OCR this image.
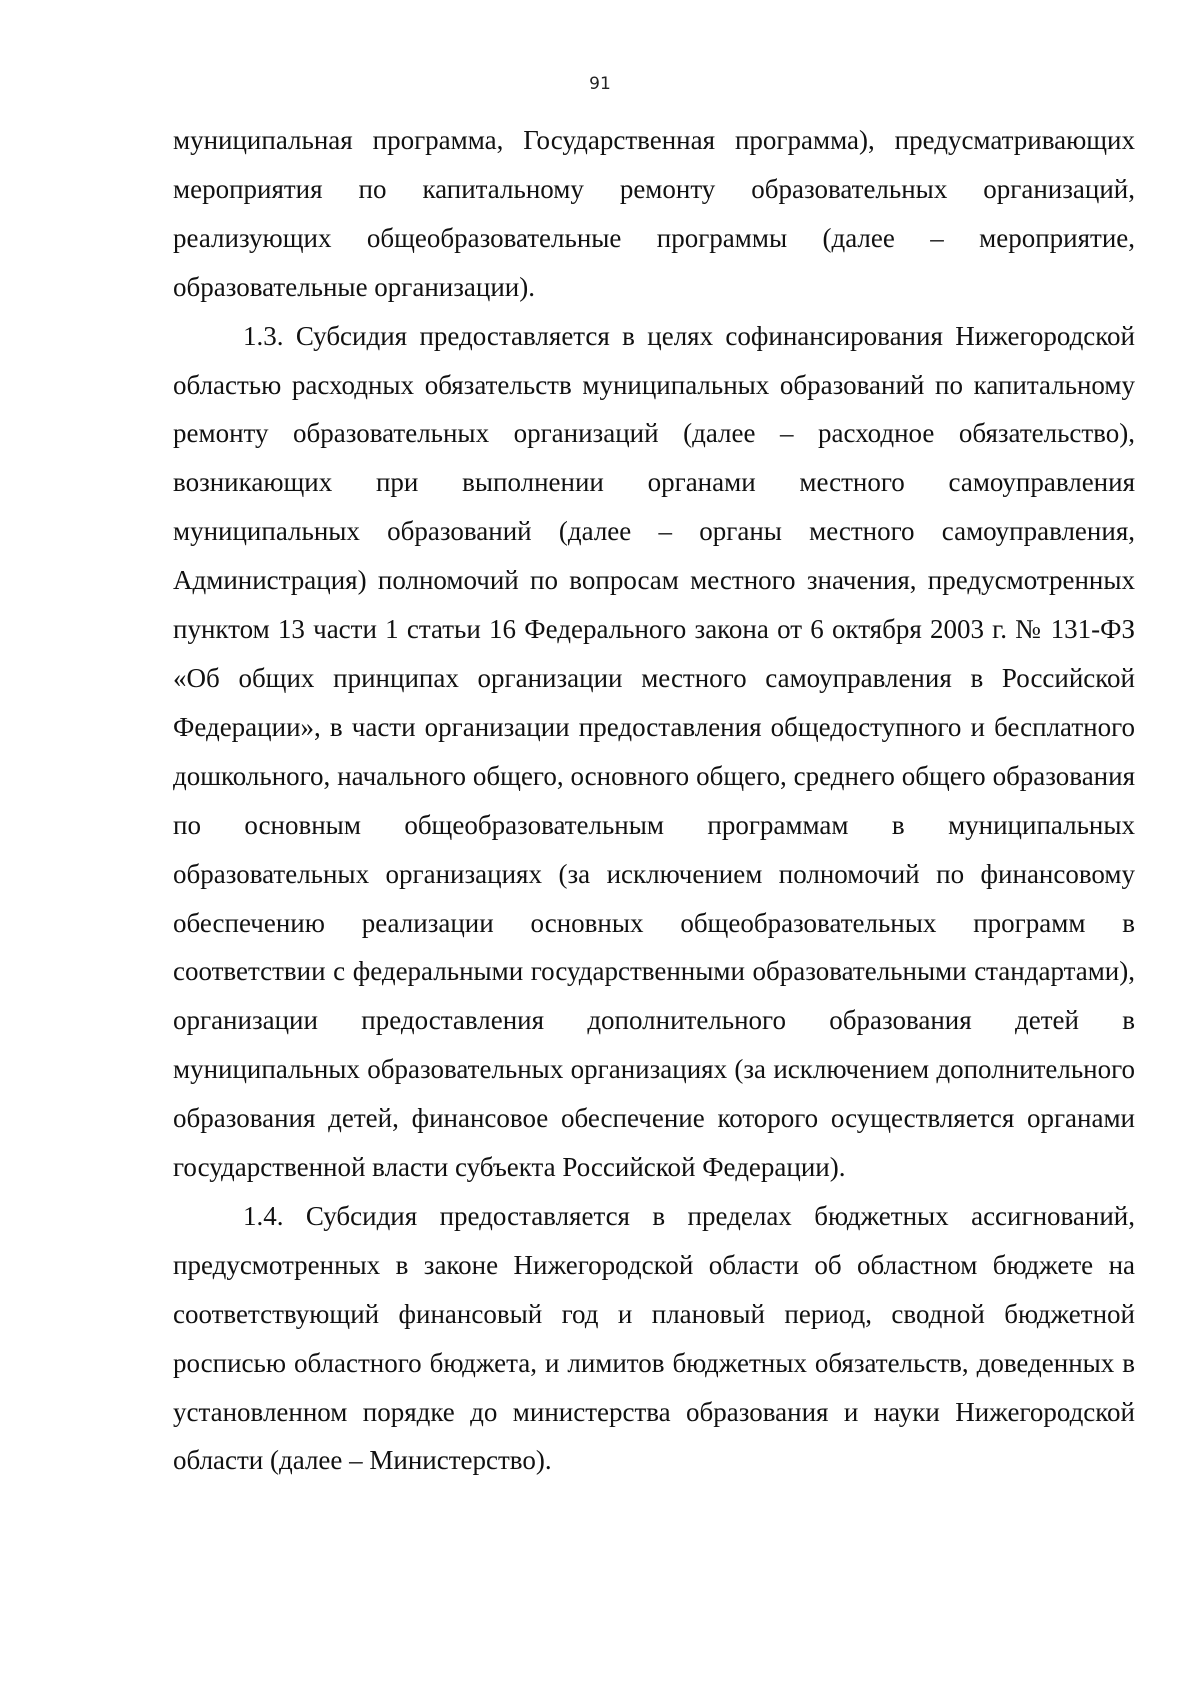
91

муниципальная программа, Государственная программа), предусматривающих мероприятия по капитальному ремонту образовательных организаций, реализующих общеобразовательные программы (далее – мероприятие, образовательные организации).

1.3. Субсидия предоставляется в целях софинансирования Нижегородской областью расходных обязательств муниципальных образований по капитальному ремонту образовательных организаций (далее – расходное обязательство), возникающих при выполнении органами местного самоуправления муниципальных образований (далее – органы местного самоуправления, Администрация) полномочий по вопросам местного значения, предусмотренных пунктом 13 части 1 статьи 16 Федерального закона от 6 октября 2003 г. № 131-ФЗ «Об общих принципах организации местного самоуправления в Российской Федерации», в части организации предоставления общедоступного и бесплатного дошкольного, начального общего, основного общего, среднего общего образования по основным общеобразовательным программам в муниципальных образовательных организациях (за исключением полномочий по финансовому обеспечению реализации основных общеобразовательных программ в соответствии с федеральными государственными образовательными стандартами), организации предоставления дополнительного образования детей в муниципальных образовательных организациях (за исключением дополнительного образования детей, финансовое обеспечение которого осуществляется органами государственной власти субъекта Российской Федерации).

1.4. Субсидия предоставляется в пределах бюджетных ассигнований, предусмотренных в законе Нижегородской области об областном бюджете на соответствующий финансовый год и плановый период, сводной бюджетной росписью областного бюджета, и лимитов бюджетных обязательств, доведенных в установленном порядке до министерства образования и науки Нижегородской области (далее – Министерство).
